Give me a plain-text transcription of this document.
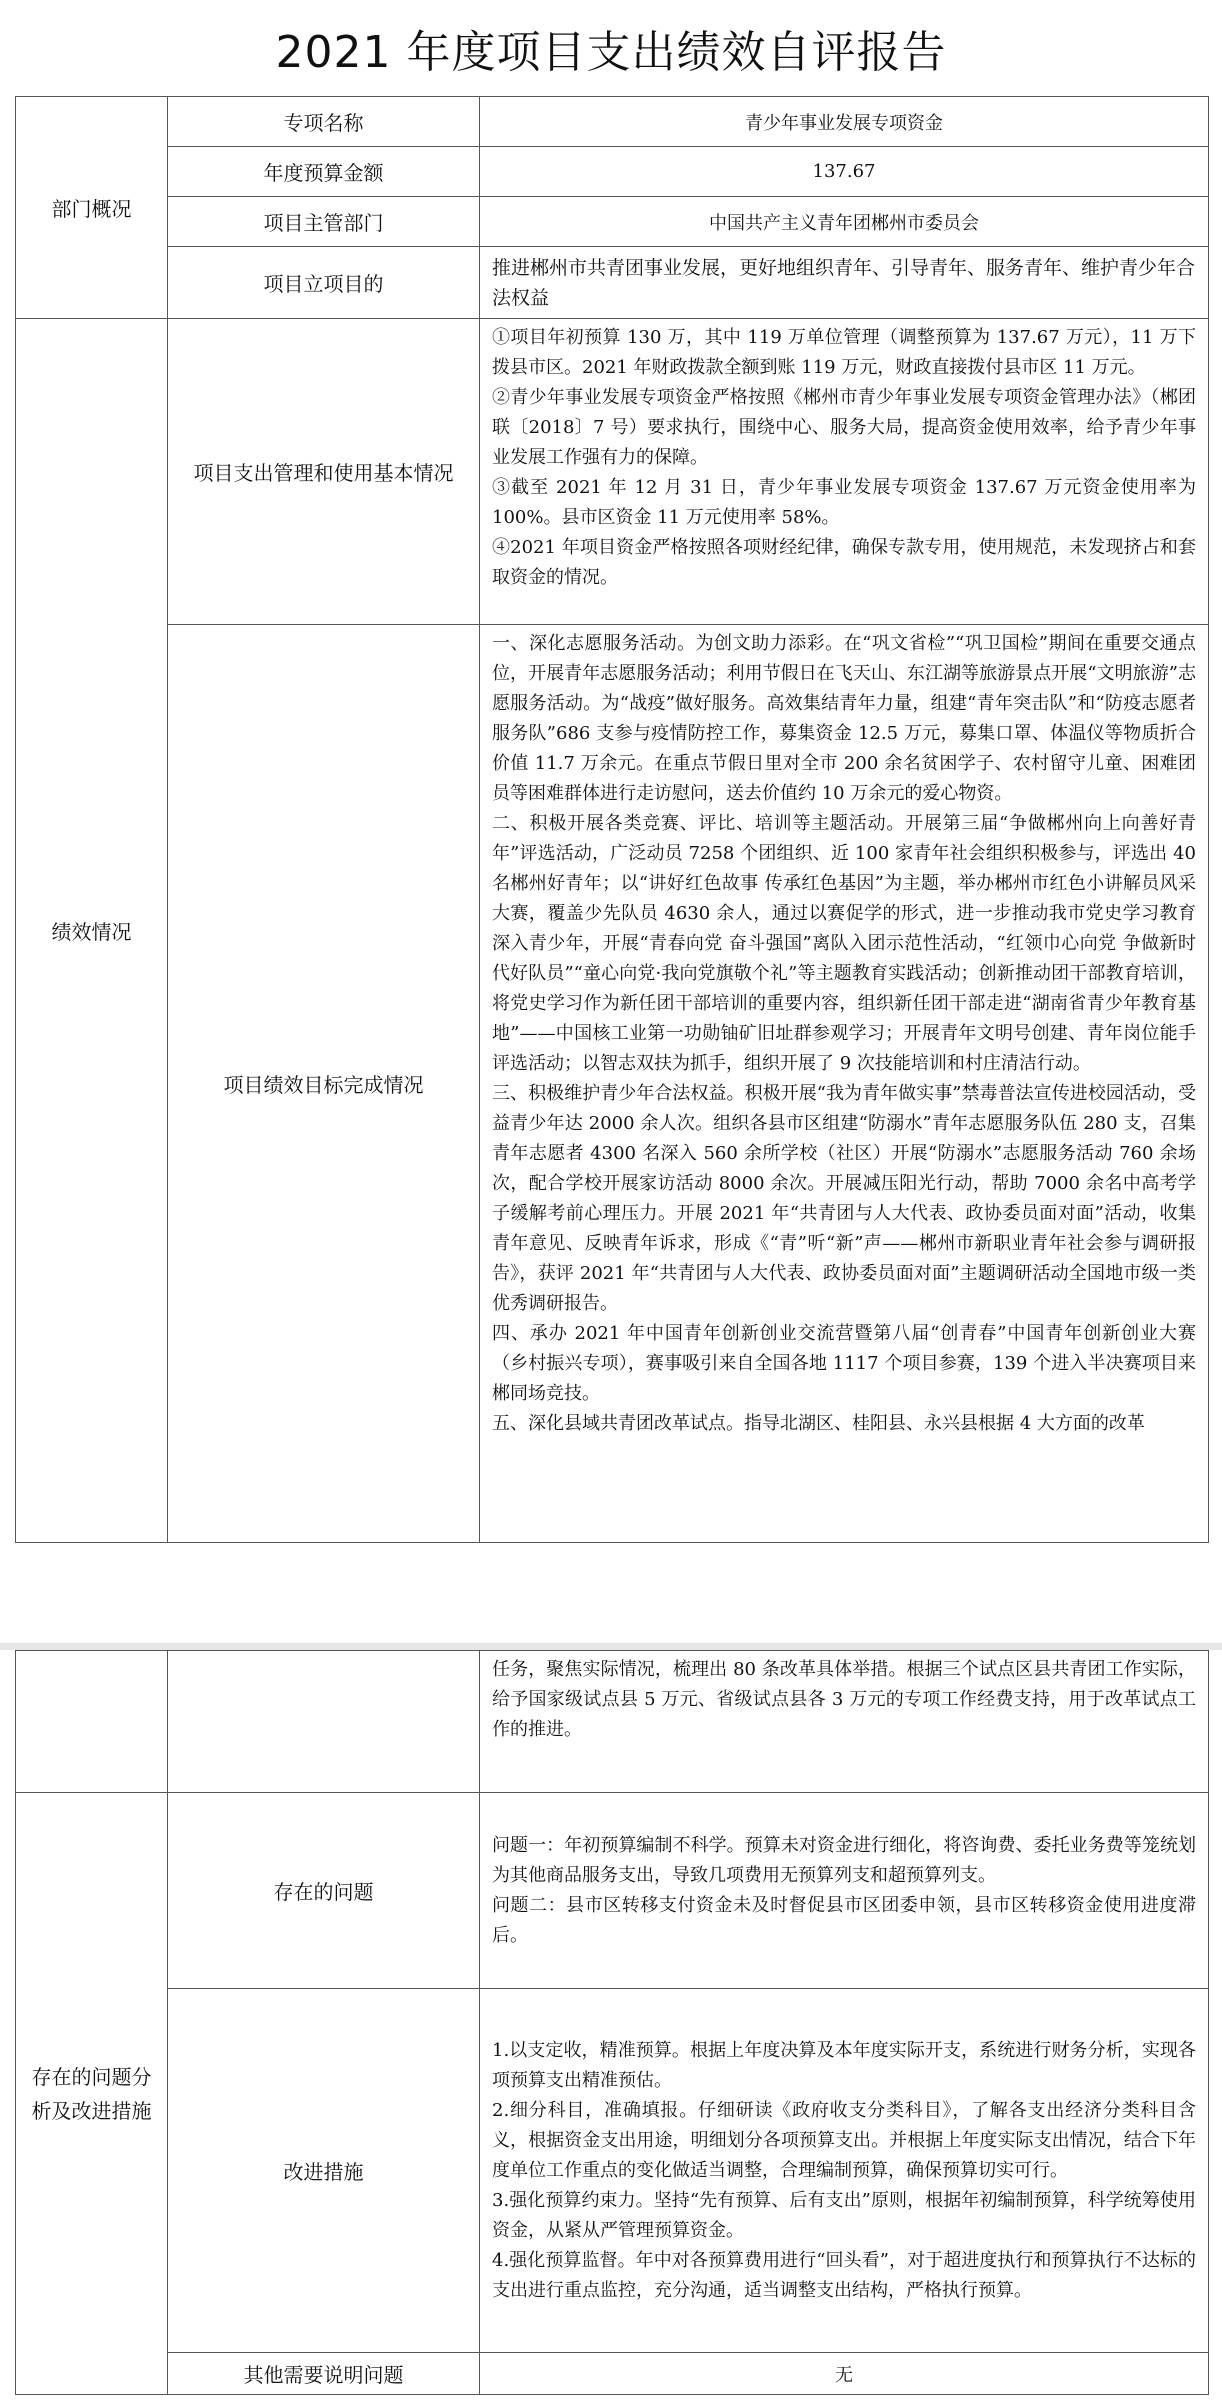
2021 年度项目支出绩效自评报告
部门概况	专项名称	青少年事业发展专项资金
	年度预算金额	137.67
	项目主管部门	中国共产主义青年团郴州市委员会
	项目立项目的	推进郴州市共青团事业发展，更好地组织青年、引导青年、服务青年、维护青少年合法权益
绩效情况	项目支出管理和使用基本情况	①项目年初预算 130 万，其中 119 万单位管理（调整预算为 137.67 万元），11 万下拨县市区。2021 年财政拨款全额到账 119 万元，财政直接拨付县市区 11 万元。
②青少年事业发展专项资金严格按照《郴州市青少年事业发展专项资金管理办法》（郴团联〔2018〕7 号）要求执行，围绕中心、服务大局，提高资金使用效率，给予青少年事业发展工作强有力的保障。
③截至 2021 年 12 月 31 日，青少年事业发展专项资金 137.67 万元资金使用率为 100%。县市区资金 11 万元使用率 58%。
④2021 年项目资金严格按照各项财经纪律，确保专款专用，使用规范，未发现挤占和套取资金的情况。

	项目绩效目标完成情况	一、深化志愿服务活动。为创文助力添彩。在“巩文省检”“巩卫国检”期间在重要交通点位，开展青年志愿服务活动；利用节假日在飞天山、东江湖等旅游景点开展“文明旅游”志愿服务活动。为“战疫”做好服务。高效集结青年力量，组建“青年突击队”和“防疫志愿者服务队”686 支参与疫情防控工作，募集资金 12.5 万元，募集口罩、体温仪等物质折合价值 11.7 万余元。在重点节假日里对全市 200 余名贫困学子、农村留守儿童、困难团员等困难群体进行走访慰问，送去价值约 10 万余元的爱心物资。
二、积极开展各类竞赛、评比、培训等主题活动。开展第三届“争做郴州向上向善好青年”评选活动，广泛动员 7258 个团组织、近 100 家青年社会组织积极参与，评选出 40 名郴州好青年；以“讲好红色故事 传承红色基因”为主题，举办郴州市红色小讲解员风采大赛，覆盖少先队员 4630 余人，通过以赛促学的形式，进一步推动我市党史学习教育深入青少年，开展“青春向党 奋斗强国”离队入团示范性活动，“红领巾心向党 争做新时代好队员”“童心向党·我向党旗敬个礼”等主题教育实践活动；创新推动团干部教育培训，将党史学习作为新任团干部培训的重要内容，组织新任团干部走进“湖南省青少年教育基地”——中国核工业第一功勋铀矿旧址群参观学习；开展青年文明号创建、青年岗位能手评选活动；以智志双扶为抓手，组织开展了 9 次技能培训和村庄清洁行动。
三、积极维护青少年合法权益。积极开展“我为青年做实事”禁毒普法宣传进校园活动，受益青少年达 2000 余人次。组织各县市区组建“防溺水”青年志愿服务队伍 280 支，召集青年志愿者 4300 名深入 560 余所学校（社区）开展“防溺水”志愿服务活动 760 余场次，配合学校开展家访活动 8000 余次。开展减压阳光行动，帮助 7000 余名中高考学子缓解考前心理压力。开展 2021 年“共青团与人大代表、政协委员面对面”活动，收集青年意见、反映青年诉求，形成《“青”听“新”声——郴州市新职业青年社会参与调研报告》，获评 2021 年“共青团与人大代表、政协委员面对面”主题调研活动全国地市级一类优秀调研报告。
四、承办 2021 年中国青年创新创业交流营暨第八届“创青春”中国青年创新创业大赛（乡村振兴专项），赛事吸引来自全国各地 1117 个项目参赛，139 个进入半决赛项目来郴同场竞技。
五、深化县域共青团改革试点。指导北湖区、桂阳县、永兴县根据 4 大方面的改革

		任务，聚焦实际情况，梳理出 80 条改革具体举措。根据三个试点区县共青团工作实际，给予国家级试点县 5 万元、省级试点县各 3 万元的专项工作经费支持，用于改革试点工作的推进。

存在的问题分析及改进措施	存在的问题	问题一：年初预算编制不科学。预算未对资金进行细化，将咨询费、委托业务费等笼统划为其他商品服务支出，导致几项费用无预算列支和超预算列支。
问题二：县市区转移支付资金未及时督促县市区团委申领，县市区转移资金使用进度滞后。

	改进措施	1.以支定收，精准预算。根据上年度决算及本年度实际开支，系统进行财务分析，实现各项预算支出精准预估。
2.细分科目，准确填报。仔细研读《政府收支分类科目》，了解各支出经济分类科目含义，根据资金支出用途，明细划分各项预算支出。并根据上年度实际支出情况，结合下年度单位工作重点的变化做适当调整，合理编制预算，确保预算切实可行。
3.强化预算约束力。坚持“先有预算、后有支出”原则，根据年初编制预算，科学统筹使用资金，从紧从严管理预算资金。
4.强化预算监督。年中对各预算费用进行“回头看”，对于超进度执行和预算执行不达标的支出进行重点监控，充分沟通，适当调整支出结构，严格执行预算。

	其他需要说明问题	无
